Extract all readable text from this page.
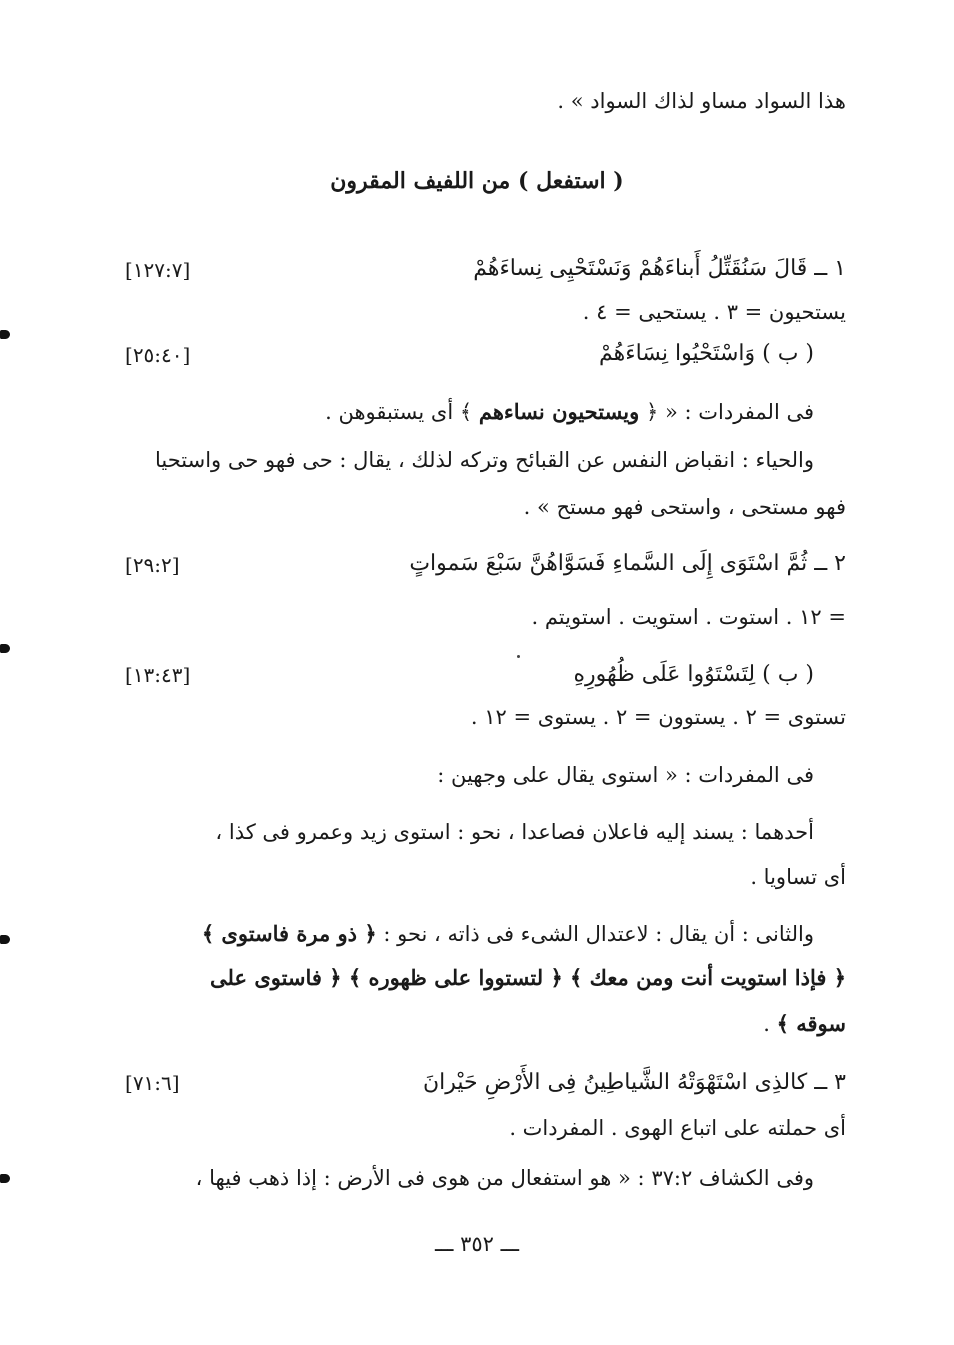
هذا السواد مساو لذاك السواد » .
( استفعل ) من اللفيف المقرون
١ ــ قَالَ سَنُقَتِّلُ أَبناءَهُمْ وَنَسْتَحْيِى نِساءَهُمْ
[١٢٧:٧]
يستحيون = ٣ . يستحيى = ٤ .
( ب ) وَاسْتَحْيُوا نِسَاءَهُمْ
[٢٥:٤٠]
فى المفردات : « ﴿ ويستحيون نساءهم ﴾ أى يستبقوهن .
والحياء : انقباض النفس عن القبائح وتركه لذلك ، يقال : حى فهو حى واستحيا
فهو مستحى ، واستحى فهو مستح » .
٢ ــ ثُمَّ اسْتَوَى إِلَى السَّماءِ فَسَوَّاهُنَّ سَبْعَ سَمواتٍ
[٢٩:٢]
= ١٢ . استوت . استويت . استويتم .
( ب ) لِتَسْتَوُوا عَلَى ظُهُورِهِ
[١٣:٤٣]
تستوى = ٢ . يستوون = ٢ . يستوى = ١٢ .
فى المفردات : « استوى يقال على وجهين :
أحدهما : يسند إليه فاعلان فصاعدا ، نحو : استوى زيد وعمرو فى كذا ،
أى تساويا .
والثانى : أن يقال : لاعتدال الشىء فى ذاته ، نحو : ﴿ ذو مرة فاستوى ﴾
﴿ فإذا استويت أنت ومن معك ﴾ ﴿ لتستووا على ظهوره ﴾ ﴿ فاستوى على
سوقه ﴾ .
٣ ــ كالذِى اسْتَهْوَتْهُ الشَّياطِينُ فِى الأَرْضِ حَيْرانَ
[٧١:٦]
أى حملته على اتباع الهوى . المفردات .
وفى الكشاف ٣٧:٢ : « هو استفعال من هوى فى الأرض : إذا ذهب فيها ،
ـــ ٣٥٢ ـــ
